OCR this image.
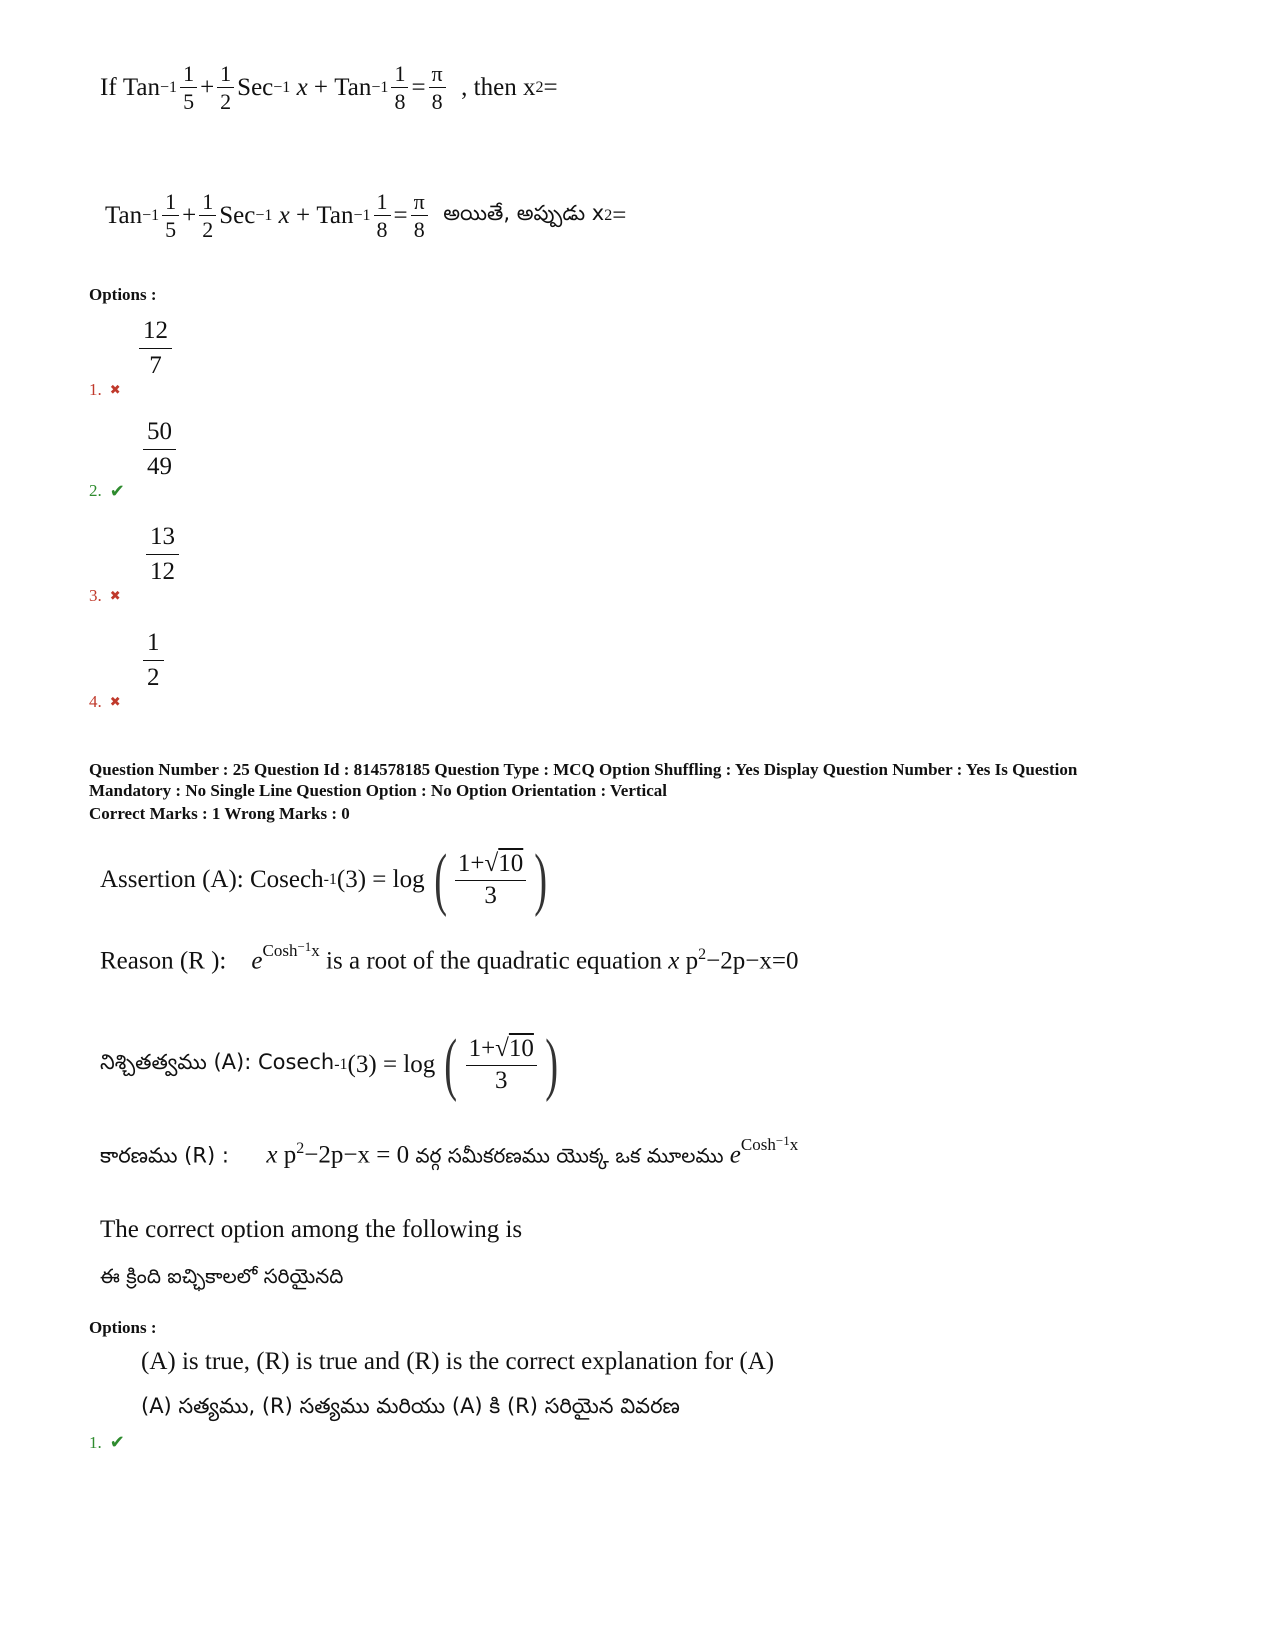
If
Tan $-1 \frac{1}{5} + \frac{1}{2}$ Sec −1
x
+
Tan $-1 \frac{1}{8} = \frac{\pi}{8}$
, then x 2 =
Tan $-1 \frac{1}{5} + \frac{1}{2}$ Sec −1
x
+
Tan $-1 \frac{1}{8} = \frac{\pi}{8}$
అయితే, అప్పుడు x 2 =
Options :
$\frac{12}{7}$
1. ✖
$\frac{50}{49}$
2. ✔
$\frac{13}{12}$
3. ✖
$\frac{1}{2}$
4. ✖
Question Number : 25 Question Id : 814578185 Question Type : MCQ Option Shuffling : Yes Display Question Number : Yes Is Question
Mandatory : No Single Line Question Option : No Option Orientation : Vertical
Correct Marks : 1 Wrong Marks : 0
Assertion (A): Cosech -1 (3) = log ( $\frac{1+√10}{3}$ )
Reason (R ): $e^{Cosh^{-1}x}$ is a root of the quadratic equation x $p^2-2p-x=0$
నిశ్చితత్వము (A): Cosech -1 (3) = log ( $\frac{1+√10}{3}$ )
కారణము (R) : x $p^2-2p-x = 0$ వర్గ సమీకరణము యొక్క ఒక మూలము $e^{Cosh^{-1}x}$
The correct option among the following is
ఈ క్రింది ఐచ్ఛికాలలో సరియైనది
Options :
(A) is true, (R) is true and (R) is the correct explanation for (A)
(A) సత్యము, (R) సత్యము మరియు (A) కి (R) సరియైన వివరణ
1. ✔
